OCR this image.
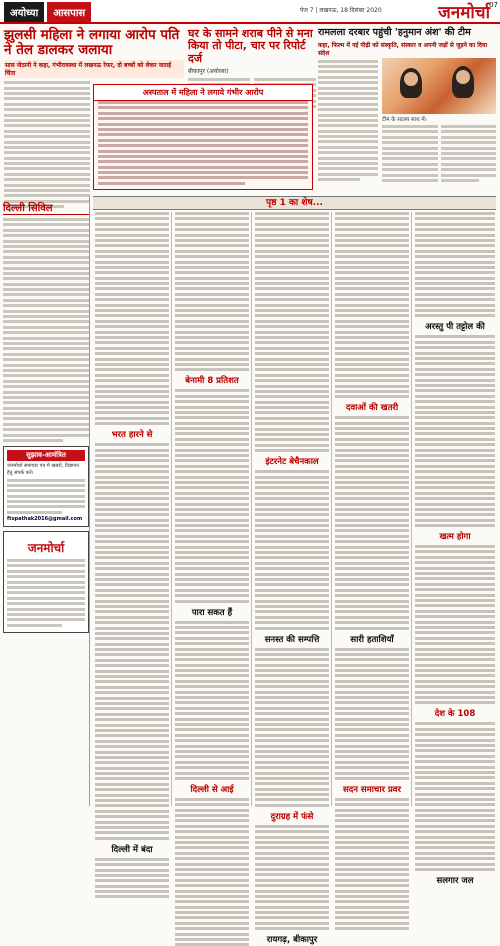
अयोध्या	आसपास	पेज 7 | लखनऊ, 18 दिसंबर 2020	जनमोर्चा 07
झुलसी महिला ने लगाया आरोप पति ने तेल डालकर जलाया
सास जेठानी ने कहा, गंभीरावस्था में लखनऊ रेफर, दो बच्चों को लेकर जताई चिंता
घर के सामने शराब पीने से मना किया तो पीटा, चार पर रिपोर्ट दर्ज
बीकापुर (अयोध्या)
रामलला दरबार पहुंची 'हनुमान अंश' की टीम
कहा, फिल्म में नई पीढ़ी को संस्कृति, संस्कार व अपनी जड़ों से जुड़ने का दिया संदेश
टीम के सदस्य साथ में।
अस्पताल में महिला ने लगाये गंभीर आरोप
दिल्ली सिविल
सुझाव-आमंत्रित
जनमोर्चा समाचार पत्र में खबरों, विज्ञापन हेतु संपर्क करें।
ftspathak2016@gmail.com
जनमोर्चा
पृष्ठ 1 का शेष...
भरत हारने से
दिल्ली में बंदा
बेनामी 8 प्रतिशत
पारा सकत हैं
दिल्ली से आई
इंटरनेट बेचैनकाल
सनस्त की सम्पत्ति
दुराग्रह में फंसे
रायगढ़, बीकापुर
दवाओं की खतरी
सारी हताशियाँ
सदन समाचार प्रवर
अरस्तु पी तट्टोल की
खत्म होगा
देश के 108
सलगार जल
